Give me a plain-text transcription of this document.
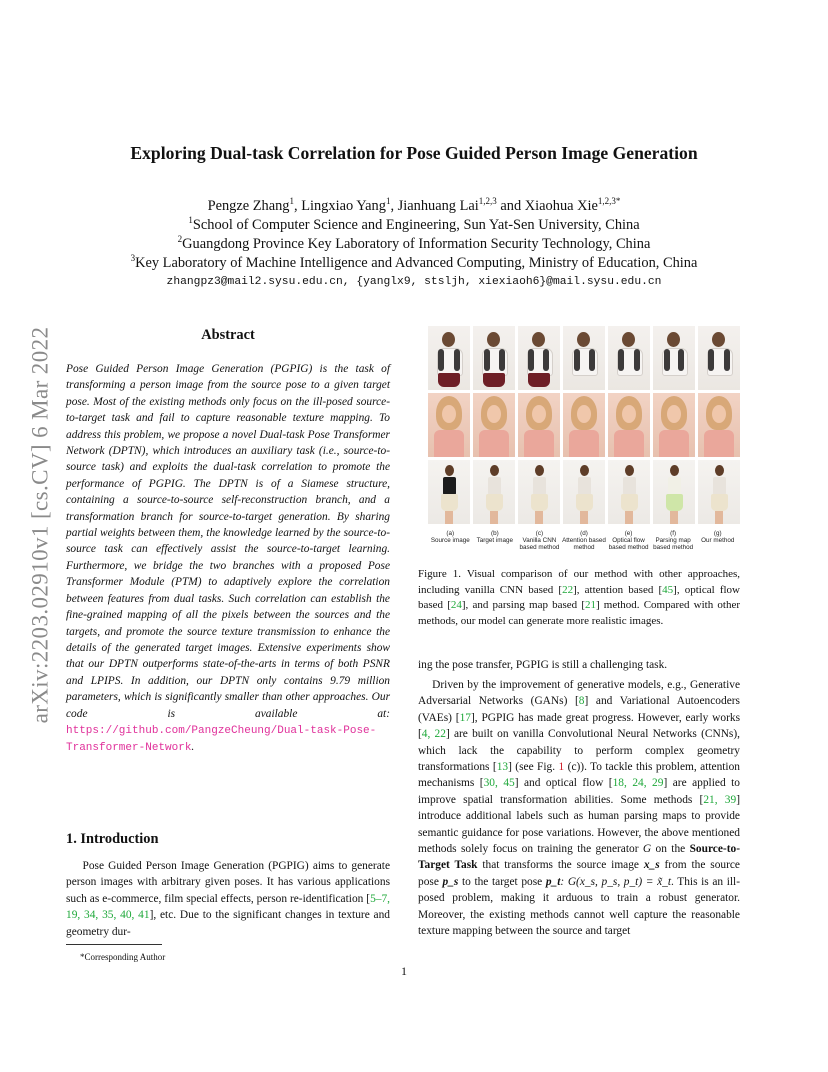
arXiv:2203.02910v1 [cs.CV] 6 Mar 2022
Exploring Dual-task Correlation for Pose Guided Person Image Generation
Pengze Zhang$^1$, Lingxiao Yang$^1$, Jianhuang Lai$^{1,2,3}$ and Xiaohua Xie$^{1,2,3*}$
$^1$School of Computer Science and Engineering, Sun Yat-Sen University, China
$^2$Guangdong Province Key Laboratory of Information Security Technology, China
$^3$Key Laboratory of Machine Intelligence and Advanced Computing, Ministry of Education, China
zhangpz3@mail2.sysu.edu.cn, {yanglx9, stsljh, xiexiaoh6}@mail.sysu.edu.cn
Abstract

Pose Guided Person Image Generation (PGPIG) is the task of transforming a person image from the source pose to a given target pose. Most of the existing methods only focus on the ill-posed source-to-target task and fail to capture reasonable texture mapping. To address this problem, we propose a novel Dual-task Pose Transformer Network (DPTN), which introduces an auxiliary task (i.e., source-to-source task) and exploits the dual-task correlation to promote the performance of PGPIG. The DPTN is of a Siamese structure, containing a source-to-source self-reconstruction branch, and a transformation branch for source-to-target generation. By sharing partial weights between them, the knowledge learned by the source-to-source task can effectively assist the source-to-target learning. Furthermore, we bridge the two branches with a proposed Pose Transformer Module (PTM) to adaptively explore the correlation between features from dual tasks. Such correlation can establish the fine-grained mapping of all the pixels between the sources and the targets, and promote the source texture transmission to enhance the details of the generated target images. Extensive experiments show that our DPTN outperforms state-of-the-arts in terms of both PSNR and LPIPS. In addition, our DPTN only contains 9.79 million parameters, which is significantly smaller than other approaches. Our code is available at: https://github.com/PangzeCheung/Dual-task-Pose-Transformer-Network.

1. Introduction

Pose Guided Person Image Generation (PGPIG) aims to generate person images with arbitrary given poses. It has various applications such as e-commerce, film special effects, person re-identification [5–7, 19, 34, 35, 40, 41], etc. Due to the significant changes in texture and geometry dur-

*Corresponding Author
(a)
Source image
(b)
Target image
(c)
Vanilla CNN based method
(d)
Attention based method
(e)
Optical flow based method
(f)
Parsing map based method
(g)
Our method

Figure 1. Visual comparison of our method with other approaches, including vanilla CNN based [22], attention based [45], optical flow based [24], and parsing map based [21] method. Compared with other methods, our model can generate more realistic images.

ing the pose transfer, PGPIG is still a challenging task.

Driven by the improvement of generative models, e.g., Generative Adversarial Networks (GANs) [8] and Variational Autoencoders (VAEs) [17], PGPIG has made great progress. However, early works [4, 22] are built on vanilla Convolutional Neural Networks (CNNs), which lack the capability to perform complex geometry transformations [13] (see Fig. 1 (c)). To tackle this problem, attention mechanisms [30, 45] and optical flow [18, 24, 29] are applied to improve spatial transformation abilities. Some methods [21, 39] introduce additional labels such as human parsing maps to provide semantic guidance for pose variations. However, the above mentioned methods solely focus on training the generator G on the Source-to-Target Task that transforms the source image x_s from the source pose p_s to the target pose p_t: G(x_s, p_s, p_t) = x̃_t. This is an ill-posed problem, making it arduous to train a robust generator. Moreover, the existing methods cannot well capture the reasonable texture mapping between the source and target

1
